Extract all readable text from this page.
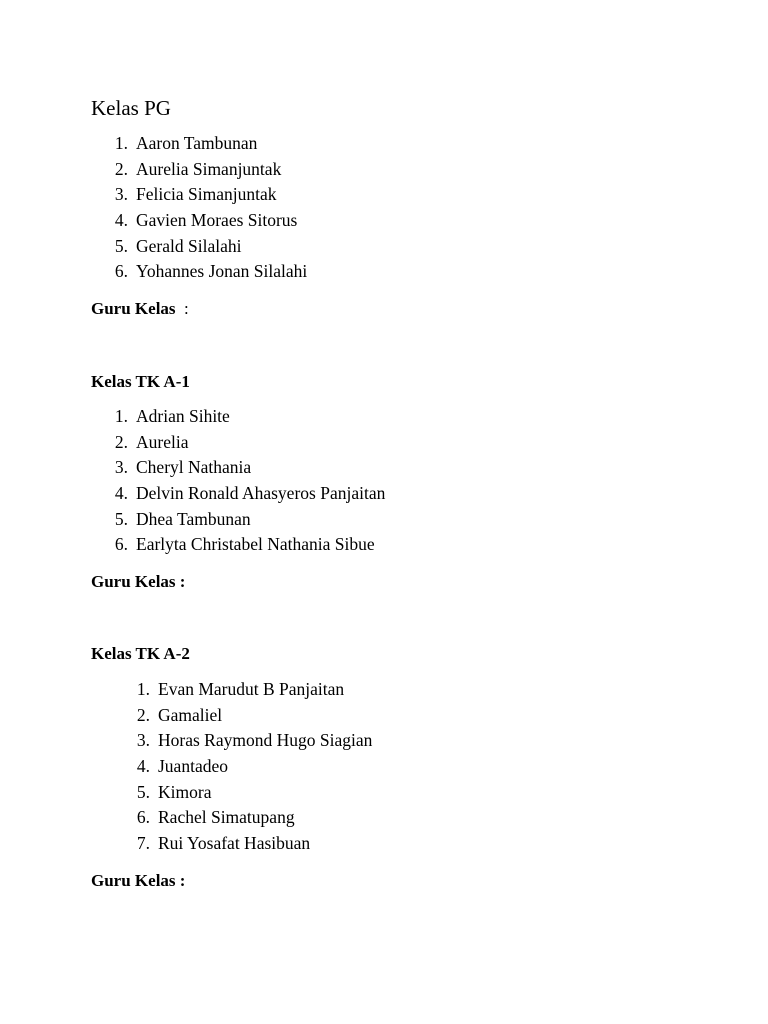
Kelas PG
1. Aaron Tambunan
2. Aurelia Simanjuntak
3. Felicia Simanjuntak
4. Gavien Moraes Sitorus
5. Gerald Silalahi
6. Yohannes Jonan Silalahi

Guru Kelas  :

Kelas TK A-1
1. Adrian Sihite
2. Aurelia
3. Cheryl Nathania
4. Delvin Ronald Ahasyeros Panjaitan
5. Dhea Tambunan
6. Earlyta Christabel Nathania Sibue

Guru Kelas :

Kelas TK A-2
1. Evan Marudut B Panjaitan
2. Gamaliel
3. Horas Raymond Hugo Siagian
4. Juantadeo
5. Kimora
6. Rachel Simatupang
7. Rui Yosafat Hasibuan

Guru Kelas :
